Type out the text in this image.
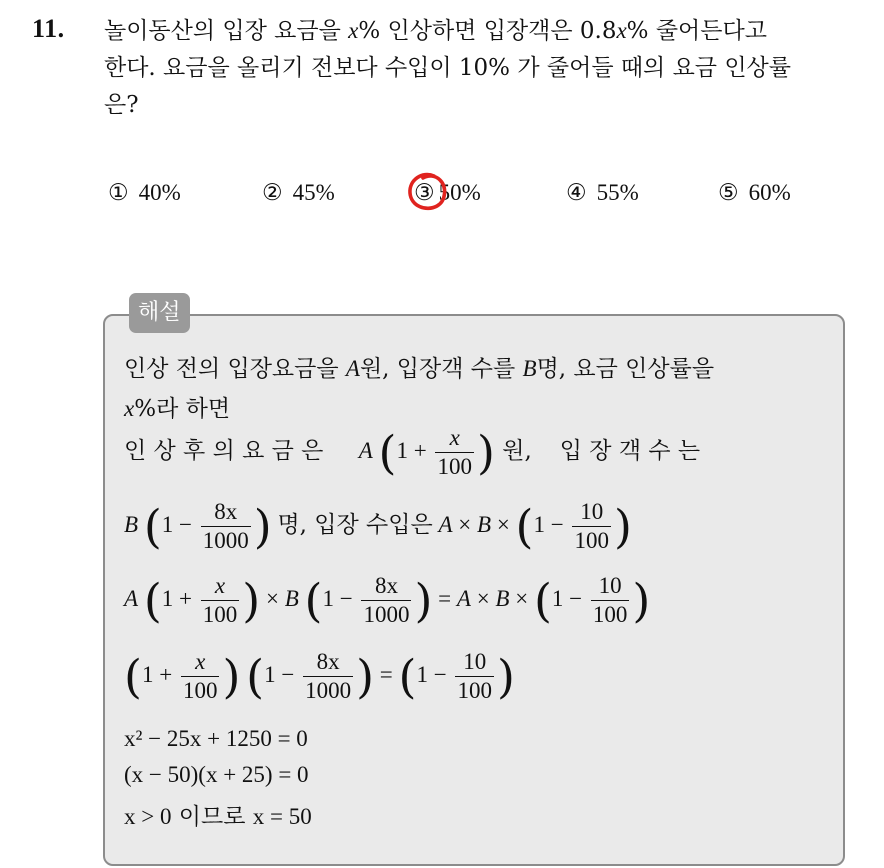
11. 놀이동산의 입장 요금을 x% 인상하면 입장객은 0.8x% 줄어든다고

한다. 요금을 올리기 전보다 수입이 10% 가 줄어들 때의 요금 인상률

은?

① 40%	② 45%	③ 50%	④ 55%	⑤ 60%
해설
인상 전의 입장요금을 A원, 입장객 수를 B명, 요금 인상률을
x%라 하면
인 상 후 의 요 금 은 A ($1 + \frac{x}{100}$ ) 원, 입 장 객 수 는
B ($1 - \frac{8x}{1000}$ ) 명, 입장 수입은 $A \times B \times (1 - \frac{10}{100}$ )
A ($1 + \frac{x}{100}$ ) × B ($1 - \frac{8x}{1000}$ ) = $A \times B \times (1 - \frac{10}{100}$ )
($1 + \frac{x}{100}$ ) ($1 - \frac{8x}{1000}$ ) = ($1 - \frac{10}{100}$ )
x² − 25x + 1250 = 0
(x − 50)(x + 25) = 0
x > 0 이므로 x = 50
